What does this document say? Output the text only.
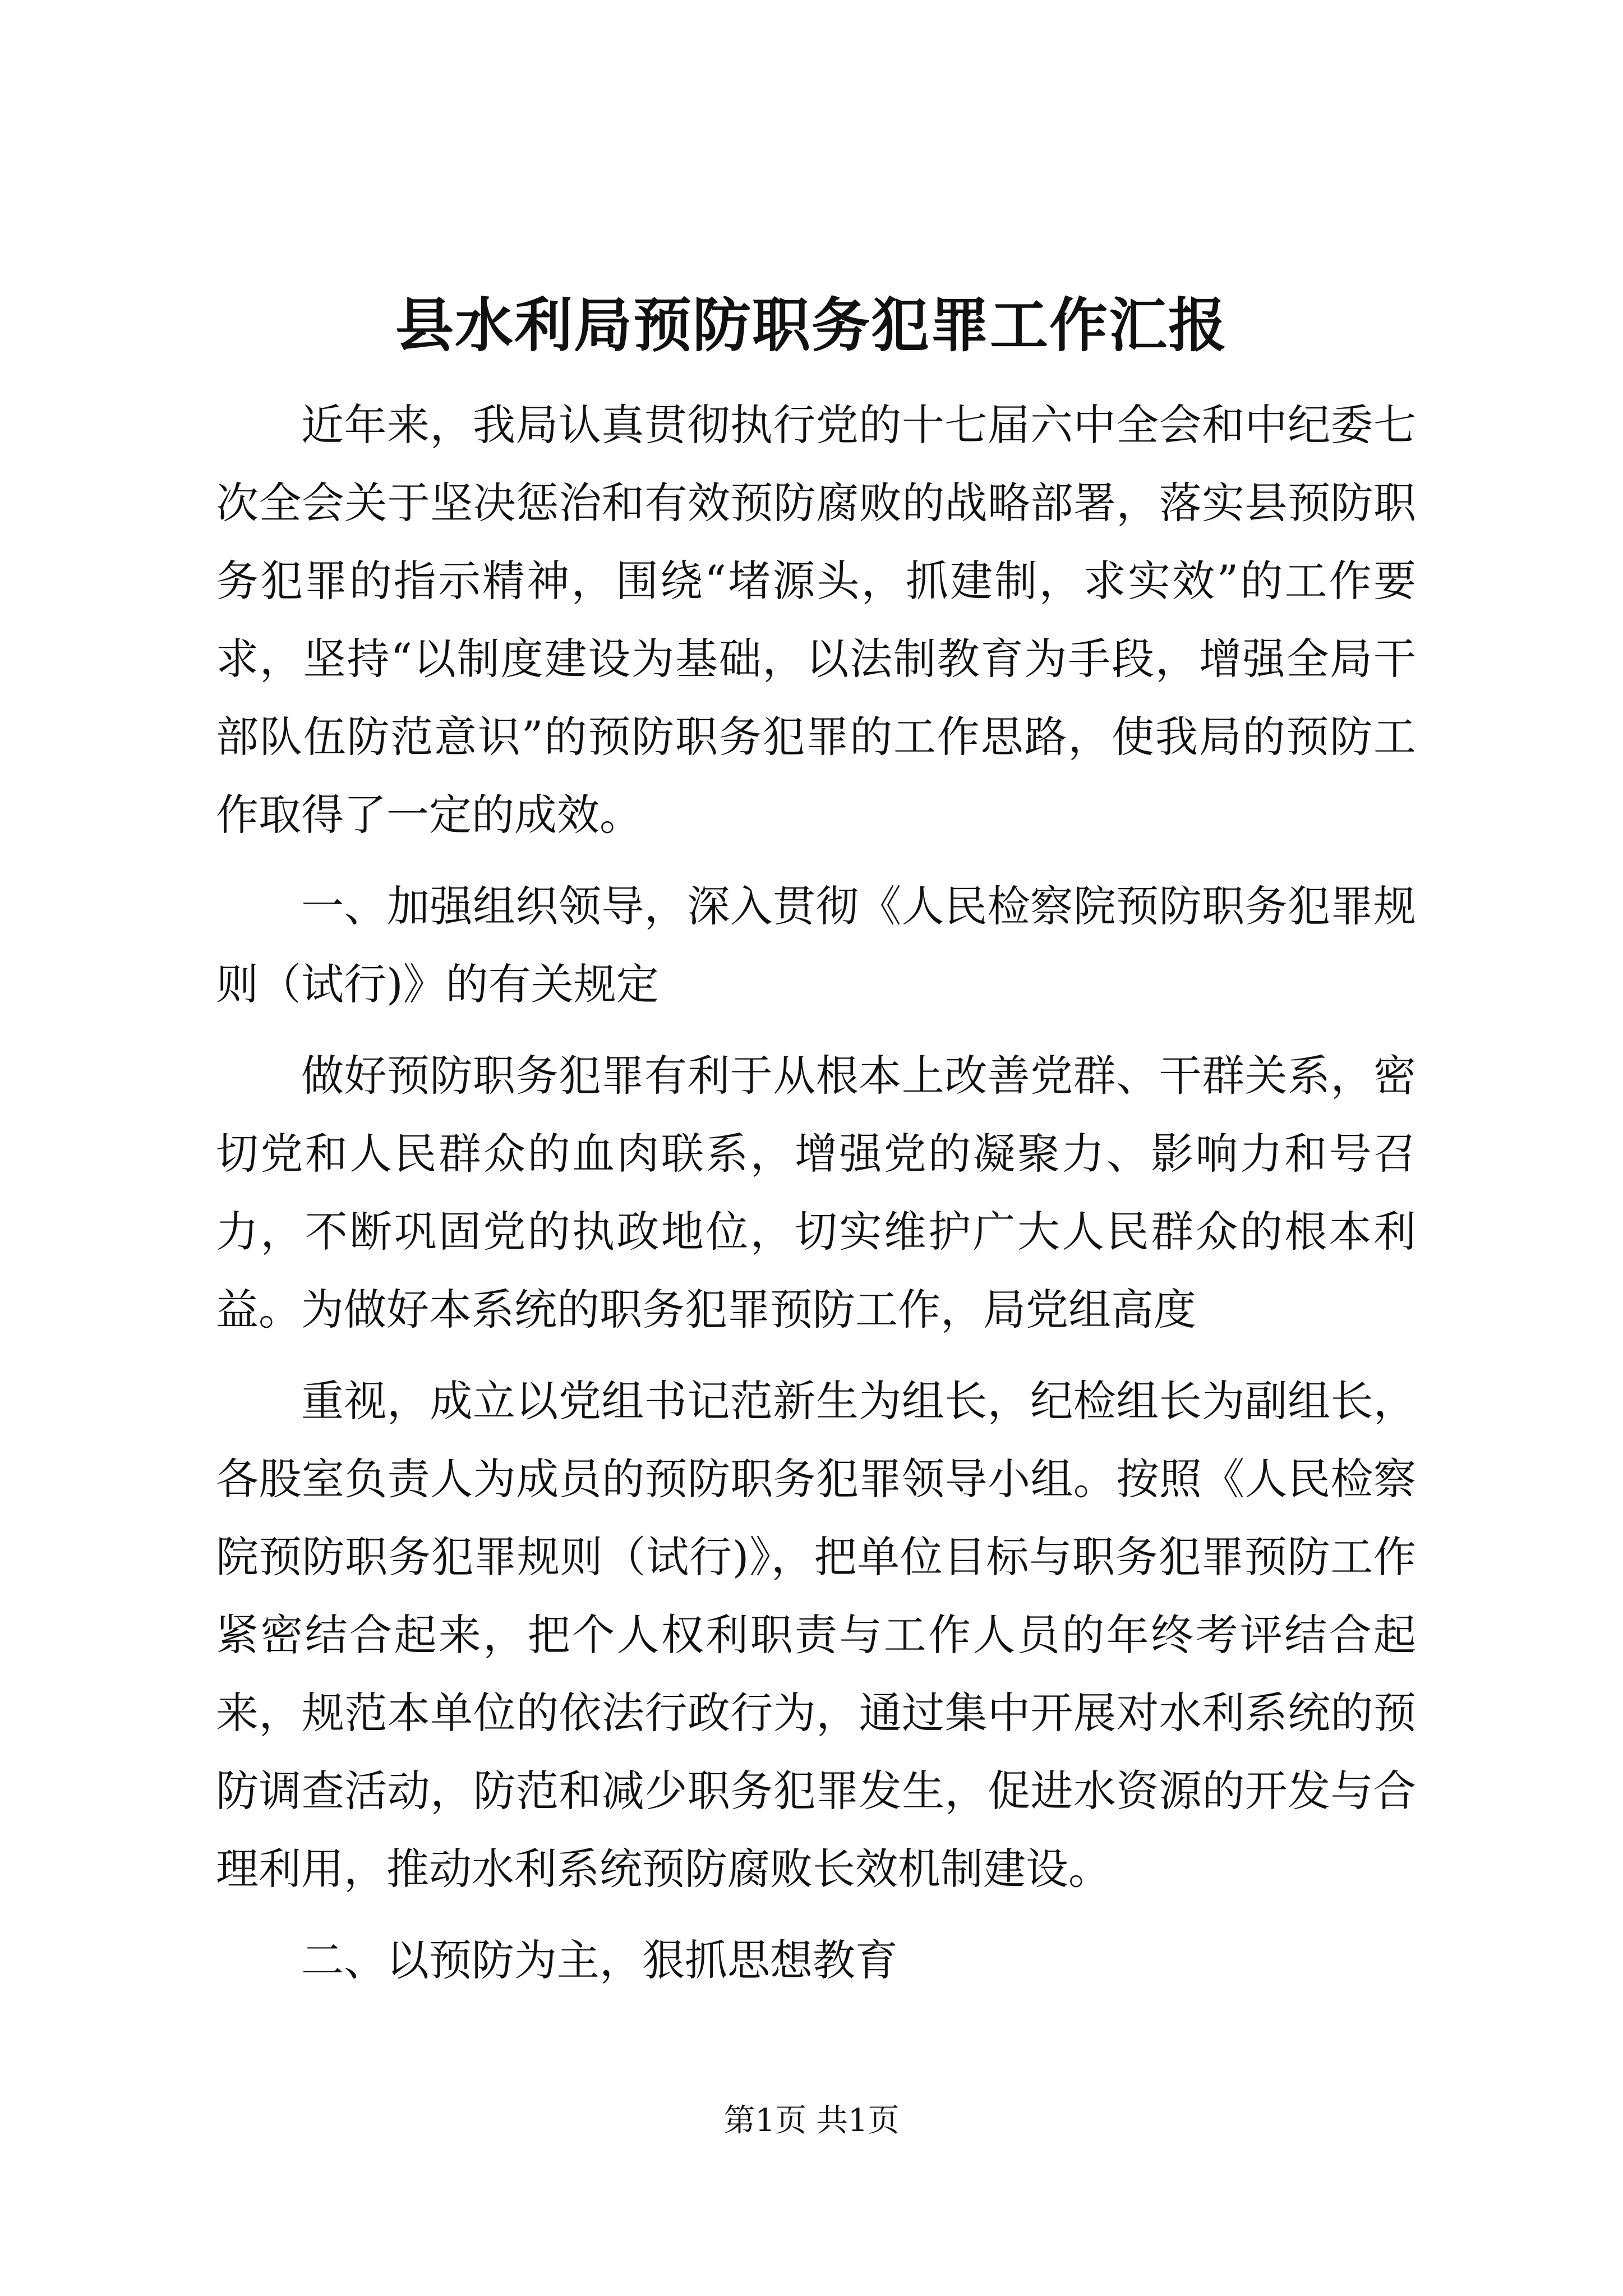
县水利局预防职务犯罪工作汇报

近年来，我局认真贯彻执行党的十七届六中全会和中纪委七次全会关于坚决惩治和有效预防腐败的战略部署，落实县预防职务犯罪的指示精神，围绕“堵源头，抓建制，求实效”的工作要求，坚持“以制度建设为基础，以法制教育为手段，增强全局干部队伍防范意识”的预防职务犯罪的工作思路，使我局的预防工作取得了一定的成效。

一、加强组织领导，深入贯彻《人民检察院预防职务犯罪规则（试行)》的有关规定

做好预防职务犯罪有利于从根本上改善党群、干群关系，密切党和人民群众的血肉联系，增强党的凝聚力、影响力和号召力，不断巩固党的执政地位，切实维护广大人民群众的根本利益。为做好本系统的职务犯罪预防工作，局党组高度

重视，成立以党组书记范新生为组长，纪检组长为副组长，各股室负责人为成员的预防职务犯罪领导小组。按照《人民检察院预防职务犯罪规则（试行)》，把单位目标与职务犯罪预防工作紧密结合起来，把个人权利职责与工作人员的年终考评结合起来，规范本单位的依法行政行为，通过集中开展对水利系统的预防调查活动，防范和减少职务犯罪发生，促进水资源的开发与合理利用，推动水利系统预防腐败长效机制建设。

二、以预防为主，狠抓思想教育

第1页 共1页
